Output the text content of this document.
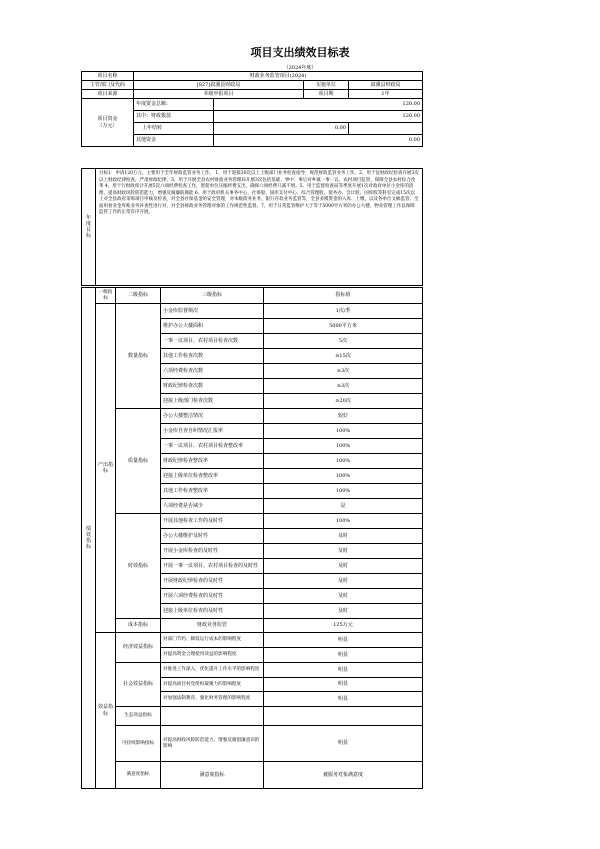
项目支出绩效目标表
（2024年度）
项目名称	财政业务监管项目(2024)			
主管部门及代码	[827]叙溪县财政局		实施单位	叙溪县财政局
项目来源	本级申报项目		项目期	1年

项目资金
（万元）	年度资金总额：	120.00		
	其中：财政拨款	120.00		
	上年结转	0.00		
	其他资金	0.00		
年度
目标
	目标1：申请120万元，主要用于全年财政监管业务工作。 1、用于迎接20次以上上级部门业务检查指导，规范财政监管业务工作。2、用于征财政纪检查开展3次以上财政纪律检查，严肃财政纪律。3、用于开展全县农村财政业务管理局开展3次包括基础、事中、事后对乡镇一事一议、农村项目监管，保障全县农村综合改革 4、用于行财政预计开展5次六项经费检查工作，督促单位压缩经费支出，确保六项经费只减不增。5、用于监督检查局等季度开展1次对政府单位小金库的清理，提高财政风险防范能力，增强反腐廉防腐能 6、用于政府机关事务中心、社保股、国库支付中心、综合管理股、债务办、会计股、国库股等科室完成15次以上对全县政府采购项目申核及检查，对全县社保基金的安全管理，对本级债务业务、银行存款业务监管等，全县多模资金的入库、上缴，以及各单位文稿监管。全面用看业金库账业务补查性进行对，对全县财政业务管理对象的工作规范性监督。7、用于日常监管维护大于等于5000平方米的办公大楼，物业管理工作以保障监管工作的正常有序开展。
绩效指标	一级指标	二级指标	三级指标	指标值	
	产出指标	数量指标	小金库监督频次	1次/季	
			维护办公大楼面积	5000平方米	
			一事一议项目、农村项目检查次数	5次	
			其他工作检查次数	≥15次	
			六项经费检查次数	≥3次	
			财政纪律检查次数	≥3次	
			迎接上级部门检查次数	≥20次	
		质量指标	办公大楼整洁情况	较好	
			小金库自查自纠情况汇报率	100%	
			一事一议项目、农村项目检查整改率	100%	
			财政纪律检查整改率	100%	
			迎接上级单位检查整改率	100%	
			其他工作检查整改率	100%	
			六项经费是否减少	是	
		时效指标	开展其他检查工作的及时性	100%	
			办公大楼维护及时性	及时	
			开展小金库检查的及时性	及时	
			开展一事一议项目、农村项目检查的及时性	及时	
			开展财政纪律检查的及时性	及时	
			开展六项经费检查的及时性	及时	
			迎接上级单位检查的及时性	及时	
		成本指标	财政业务监管	125万元	
	效益指标	经济效益指标	对部门节约、降低运行成本的影响程度	明显	
			对提高资金合理使用效益的影响程度	明显	
		社会效益指标	对推进工作深入，优化提升工作水平的影响程度	明显	
			对提高项目村党组织凝聚力的影响程度	明显	
			对加强法制教育，强化财务管理的影响程度	明显	
		生态效益指标			
		可持续影响指标	对提高财政风险防范能力，增强反腐倡廉意识的影响	明显	
		满意度指标	满意度指标	被服务对象满意度	
